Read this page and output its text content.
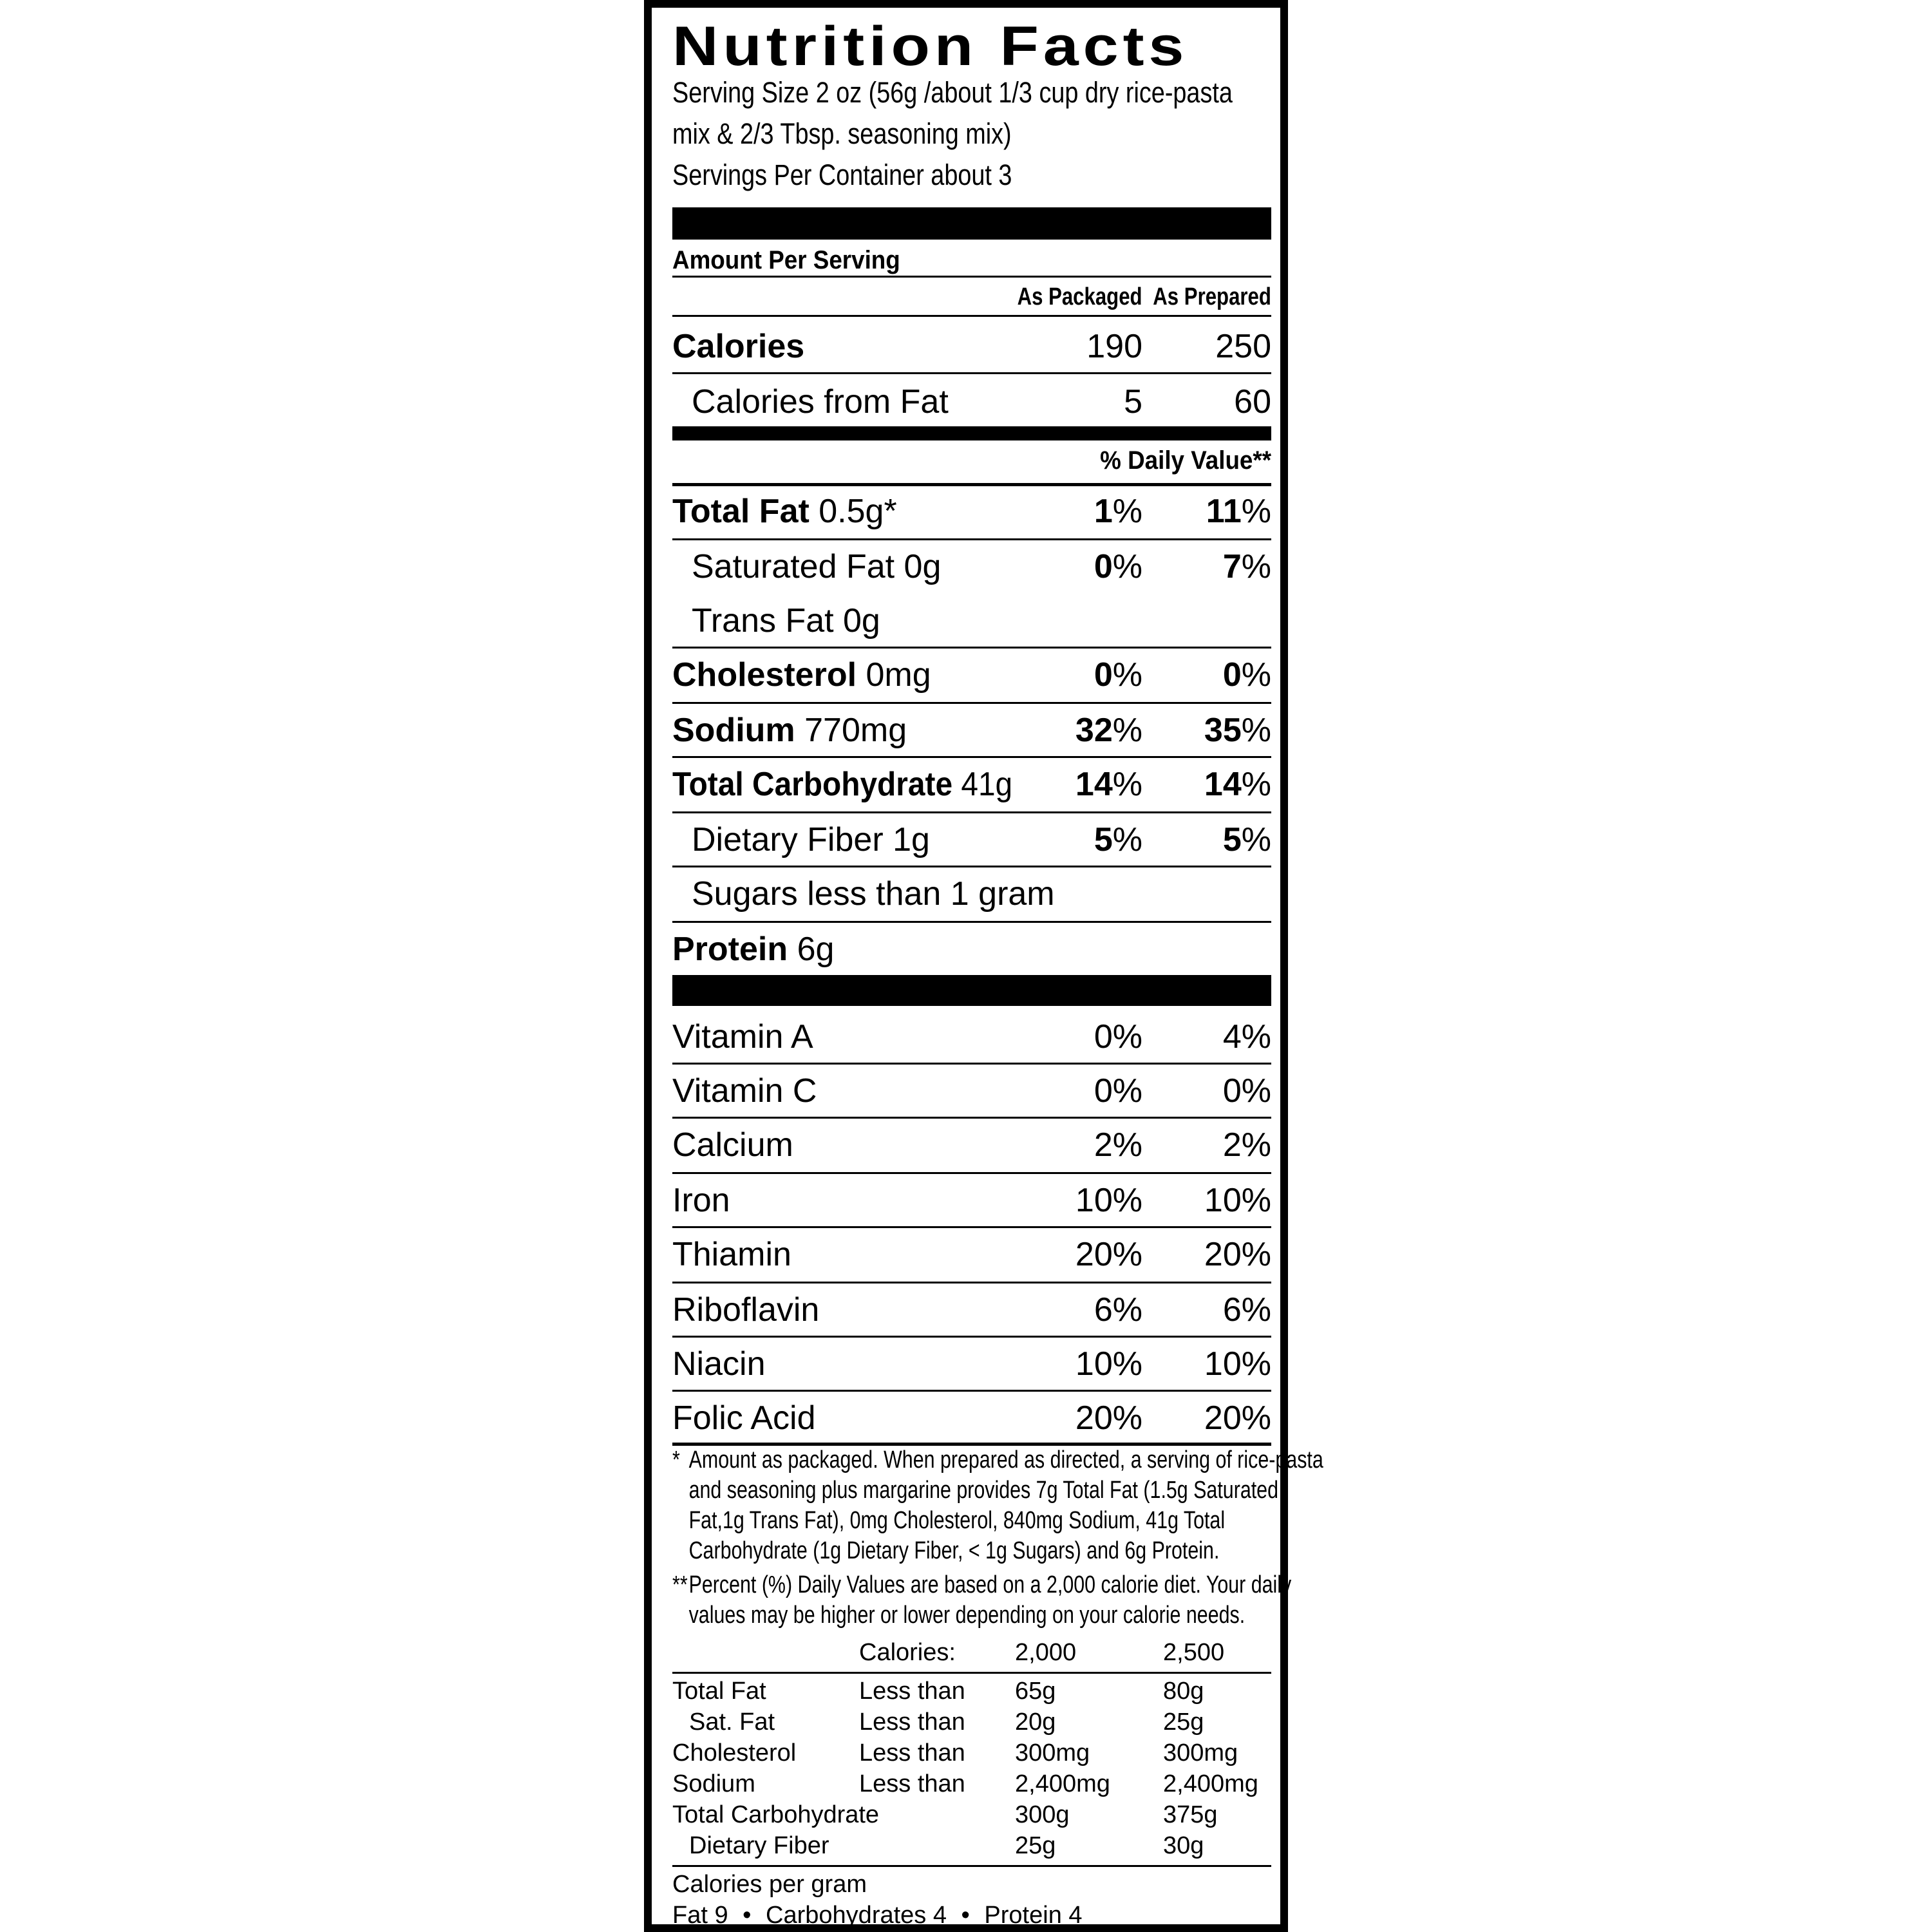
Nutrition Facts
Serving Size 2 oz (56g /about 1/3 cup dry rice-pasta
mix & 2/3 Tbsp. seasoning mix)
Servings Per Container about 3
Amount Per Serving
As Packaged As Prepared
Calories	190 250
Calories from Fat	5	60
% Daily Value**
Total Fat 0.5g*	1% 11%
Saturated Fat 0g	0% 7%
Trans Fat 0g
Cholesterol 0mg	0% 0%
Sodium 770mg	32% 35%
Total Carbohydrate 41g 14% 14%
Dietary Fiber 1g	5% 5%
Sugars less than 1 gram
Protein 6g
Vitamin A	0% 4%
Vitamin C	0% 0%
Calcium	2% 2%
Iron	10% 10%
Thiamin	20% 20%
Riboflavin	6% 6%
Niacin	10% 10%
Folic Acid	20% 20%
* Amount as packaged. When prepared as directed, a serving of rice-pasta
and seasoning plus margarine provides 7g Total Fat (1.5g Saturated
Fat,1g Trans Fat), 0mg Cholesterol, 840mg Sodium, 41g Total
Carbohydrate (1g Dietary Fiber, < 1g Sugars) and 6g Protein.
**Percent (%) Daily Values are based on a 2,000 calorie diet. Your daily
values may be higher or lower depending on your calorie needs.
Calories: 2,000	2,500
Total Fat	Less than 65g	80g
Sat. Fat	Less than 20g	25g
Cholesterol	Less than 300mg	300mg
Sodium	Less than 2,400mg 2,400mg
Total Carbohydrate	300g	375g
Dietary Fiber	25g	30g
Calories per gram
Fat 9 • Carbohydrates 4 • Protein 4
